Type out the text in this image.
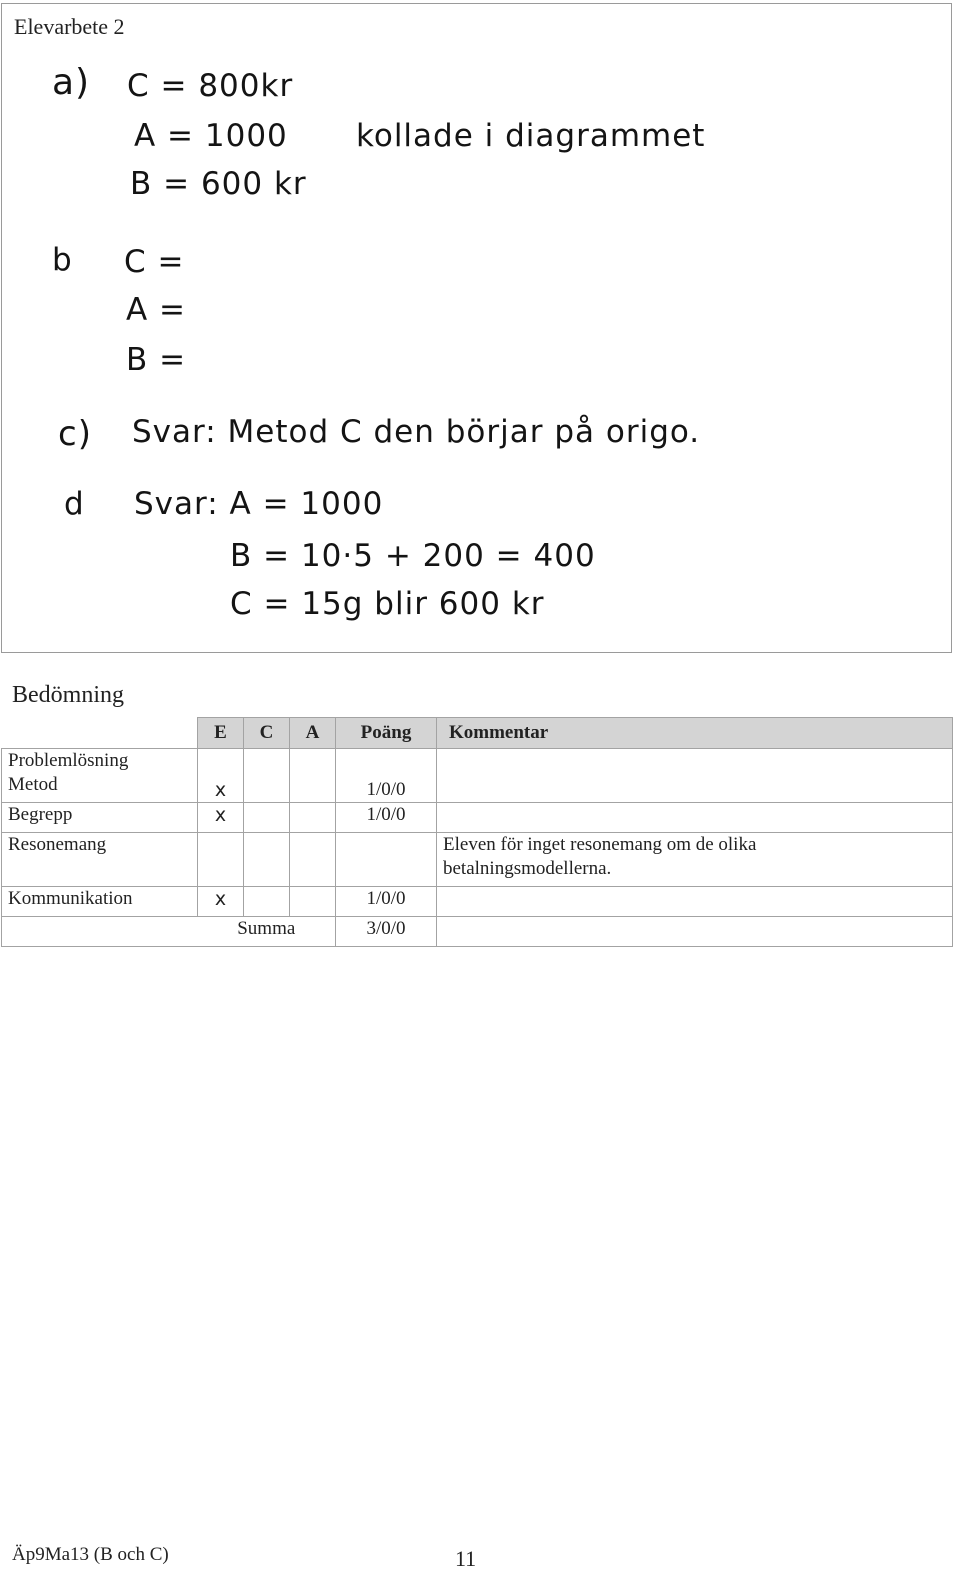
Elevarbete 2
a) C = 800kr
A = 1000 kollade i diagrammet
B = 600 kr
b C =
A =
B =
c) Svar: Metod C den börjar på origo.
d Svar: A = 1000
B = 10·5 + 200 = 400
C = 15g blir 600 kr
Bedömning
	E	C	A	Poäng	Kommentar

Problemlösning
Metod	x			1/0/0	
Begrepp	x			1/0/0	
Resonemang					Eleven för inget resonemang om de olika
betalningsmodellerna.

Kommunikation	x			1/0/0	
	Summa			3/0/0	
Äp9Ma13 (B och C)	11
